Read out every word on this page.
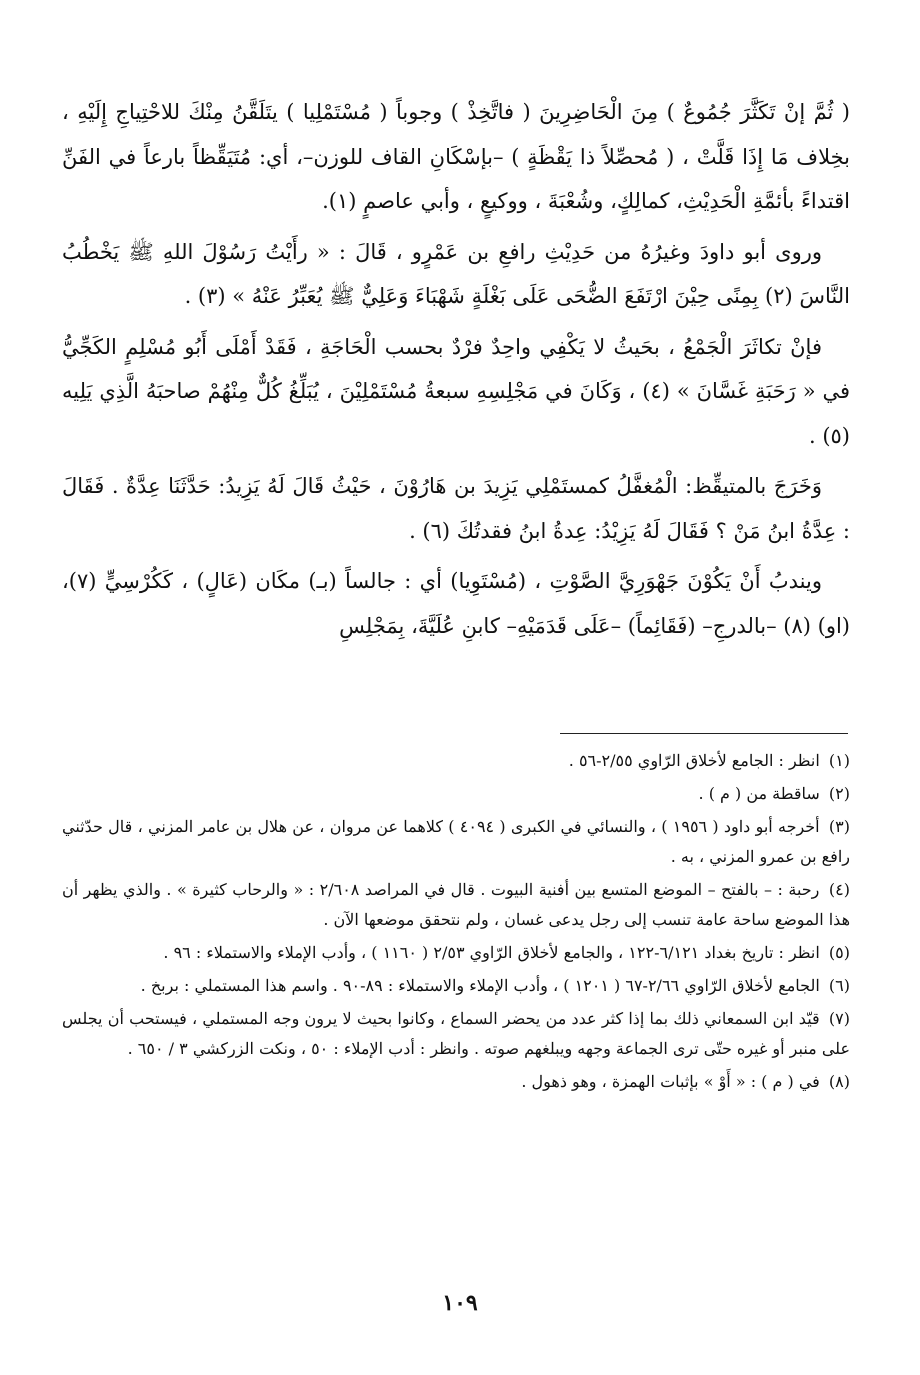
( ثُمَّ إنْ تَكَثَّرَ جُمُوعٌ ) مِنَ الْحَاضِرِينَ ( فاتَّخِذْ ) وجوباً ( مُسْتَمْلِيا ) يتَلَقَّنُ مِنْكَ للاحْتِياجِ إِلَيْهِ ، بخِلاف مَا إِذَا قَلَّتْ ، ( مُحصِّلاً ذا يَقْظَةٍ ) –بإسْكَانِ القاف للوزن–، أي: مُتَيَقِّظاً بارعاً في الفَنِّ اقتداءً بأئمَّةِ الْحَدِيْثِ، كمالِكٍ، وشُعْبَةَ ، ووكيعٍ ، وأبي عاصمٍ (١).

وروى أبو داودَ وغيرُهُ من حَدِيْثِ رافعِ بن عَمْرٍو ، قَالَ : « رأَيْتُ رَسُوْلَ اللهِ ﷺ يَخْطُبُ النَّاسَ (٢) بِمِنًى حِيْنَ ارْتَفَعَ الضُّحَى عَلَى بَغْلَةٍ شَهْبَاءَ وَعَلِيٌّ ﷺ يُعَبِّرُ عَنْهُ » (٣) .

فإنْ تكاثَرَ الْجَمْعُ ، بحَيثُ لا يَكْفِي واحِدٌ فرْدٌ بحسب الْحَاجَةِ ، فَقَدْ أَمْلَى أَبُو مُسْلِمٍ الكَجِّيُّ في « رَحَبَةِ غَسَّانَ » (٤) ، وَكَانَ في مَجْلِسِهِ سبعةُ مُسْتَمْلِيْنَ ، يُبَلِّغُ كُلٌّ مِنْهُمْ صاحبَهُ الَّذِي يَلِيه (٥) .

وَخَرَجَ بالمتيقِّظ: الْمُغفَّلُ كمستَمْلِي يَزِيدَ بن هَارُوْنَ ، حَيْثُ قَالَ لَهُ يَزِيدُ: حَدَّثَنَا عِدَّةٌ . فَقَالَ : عِدَّةُ ابنُ مَنْ ؟ فَقَالَ لَهُ يَزِيْدُ: عِدةُ ابنُ فقدتُكَ (٦) .

ويندبُ أَنْ يَكُوْنَ جَهْوَرِيَّ الصَّوْتِ ، (مُسْتَوِيا) أي : جالساً (بـ) مكَان (عَالٍ) ، كَكُرْسِيٍّ (٧)، (او) (٨) –بالدرجِ– (فَقَائِماً) –عَلَى قَدَمَيْهِ– كابنِ عُلَيَّةَ، بِمَجْلِسِ

(١) انظر : الجامع لأخلاق الرّاوي ٢/٥٥-٥٦ .
(٢) ساقطة من ( م ) .
(٣) أخرجه أبو داود ( ١٩٥٦ ) ، والنسائي في الكبرى ( ٤٠٩٤ ) كلاهما عن مروان ، عن هلال بن عامر المزني ، قال حدّثني رافع بن عمرو المزني ، به .
(٤) رحبة : – بالفتح – الموضع المتسع بين أفنية البيوت . قال في المراصد ٢/٦٠٨ : « والرحاب كثيرة » . والذي يظهر أن هذا الموضع ساحة عامة تنسب إلى رجل يدعى غسان ، ولم نتحقق موضعها الآن .
(٥) انظر : تاريخ بغداد ٦/١٢١-١٢٢ ، والجامع لأخلاق الرّاوي ٢/٥٣ ( ١١٦٠ ) ، وأدب الإملاء والاستملاء : ٩٦ .
(٦) الجامع لأخلاق الرّاوي ٢/٦٦-٦٧ ( ١٢٠١ ) ، وأدب الإملاء والاستملاء : ٨٩-٩٠ . واسم هذا المستملي : بربخ .
(٧) قيّد ابن السمعاني ذلك بما إذا كثر عدد من يحضر السماع ، وكانوا بحيث لا يرون وجه المستملي ، فيستحب أن يجلس على منبر أو غيره حتّى ترى الجماعة وجهه ويبلغهم صوته . وانظر : أدب الإملاء : ٥٠ ، ونكت الزركشي ٣ / ٦٥٠ .
(٨) في ( م ) : « أَوْ » بإثبات الهمزة ، وهو ذهول .
١٠٩
